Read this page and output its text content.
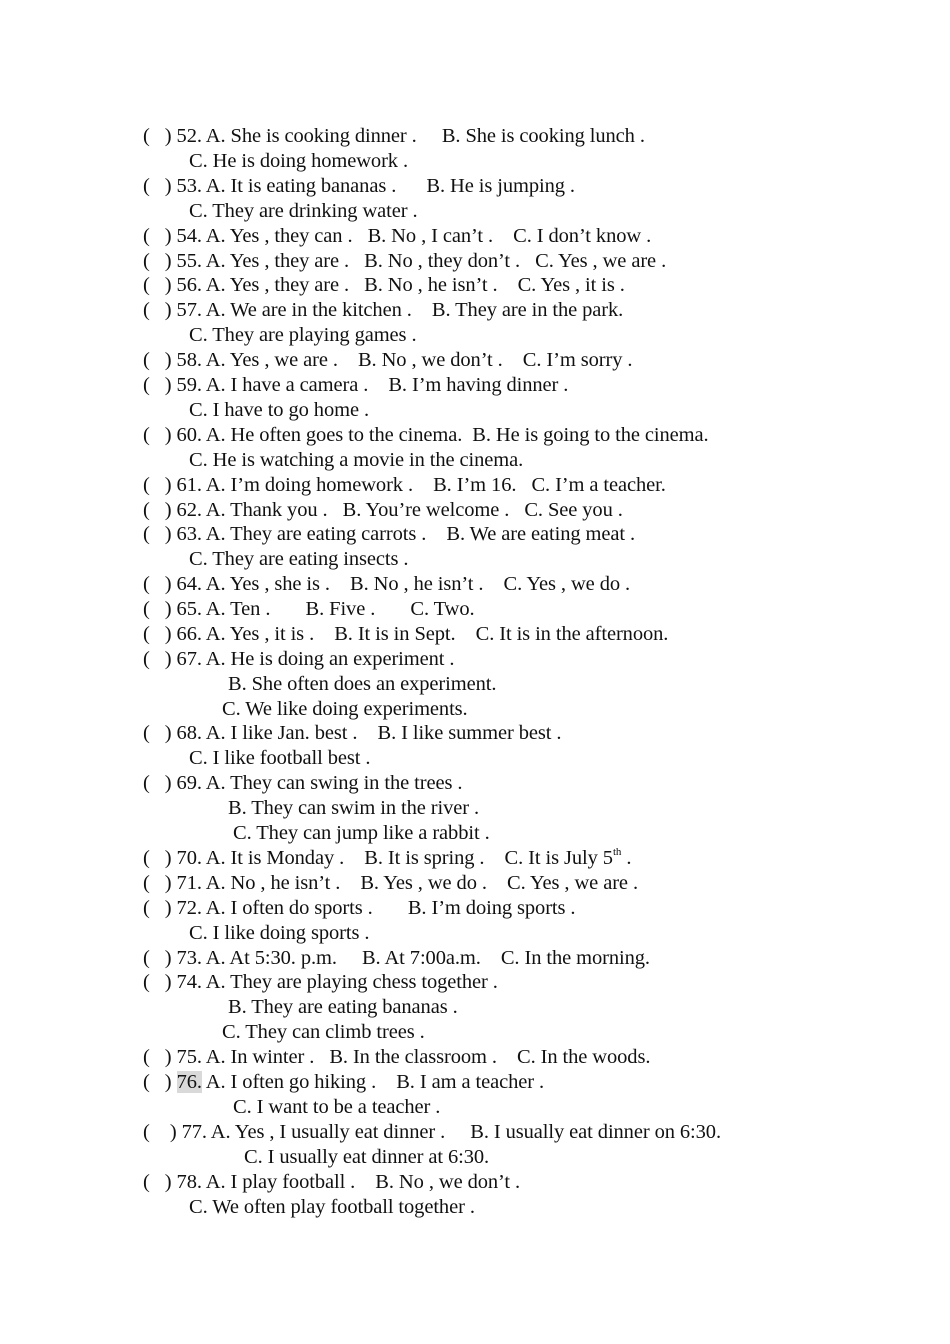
(   ) 52. A. She is cooking dinner .     B. She is cooking lunch .
C. He is doing homework .
(   ) 53. A. It is eating bananas .      B. He is jumping .
C. They are drinking water .
(   ) 54. A. Yes , they can .   B. No , I can’t .    C. I don’t know .
(   ) 55. A. Yes , they are .   B. No , they don’t .   C. Yes , we are .
(   ) 56. A. Yes , they are .   B. No , he isn’t .    C. Yes , it is .
(   ) 57. A. We are in the kitchen .    B. They are in the park.
C. They are playing games .
(   ) 58. A. Yes , we are .    B. No , we don’t .    C. I’m sorry .
(   ) 59. A. I have a camera .    B. I’m having dinner .
C. I have to go home .
(   ) 60. A. He often goes to the cinema.  B. He is going to the cinema.
C. He is watching a movie in the cinema.
(   ) 61. A. I’m doing homework .    B. I’m 16.   C. I’m a teacher.
(   ) 62. A. Thank you .   B. You’re welcome .   C. See you .
(   ) 63. A. They are eating carrots .    B. We are eating meat .
C. They are eating insects .
(   ) 64. A. Yes , she is .    B. No , he isn’t .    C. Yes , we do .
(   ) 65. A. Ten .       B. Five .       C. Two.
(   ) 66. A. Yes , it is .    B. It is in Sept.    C. It is in the afternoon.
(   ) 67. A. He is doing an experiment .
B. She often does an experiment.
C. We like doing experiments.
(   ) 68. A. I like Jan. best .    B. I like summer best .
C. I like football best .
(   ) 69. A. They can swing in the trees .
B. They can swim in the river .
C. They can jump like a rabbit .
(   ) 70. A. It is Monday .    B. It is spring .    C. It is July 5th .
(   ) 71. A. No , he isn’t .    B. Yes , we do .    C. Yes , we are .
(   ) 72. A. I often do sports .       B. I’m doing sports .
C. I like doing sports .
(   ) 73. A. At 5:30. p.m.     B. At 7:00a.m.    C. In the morning.
(   ) 74. A. They are playing chess together .
B. They are eating bananas .
C. They can climb trees .
(   ) 75. A. In winter .   B. In the classroom .    C. In the woods.
(   ) 76. A. I often go hiking .    B. I am a teacher .
C. I want to be a teacher .
(    ) 77. A. Yes , I usually eat dinner .     B. I usually eat dinner on 6:30.
C. I usually eat dinner at 6:30.
(   ) 78. A. I play football .    B. No , we don’t .
C. We often play football together .
